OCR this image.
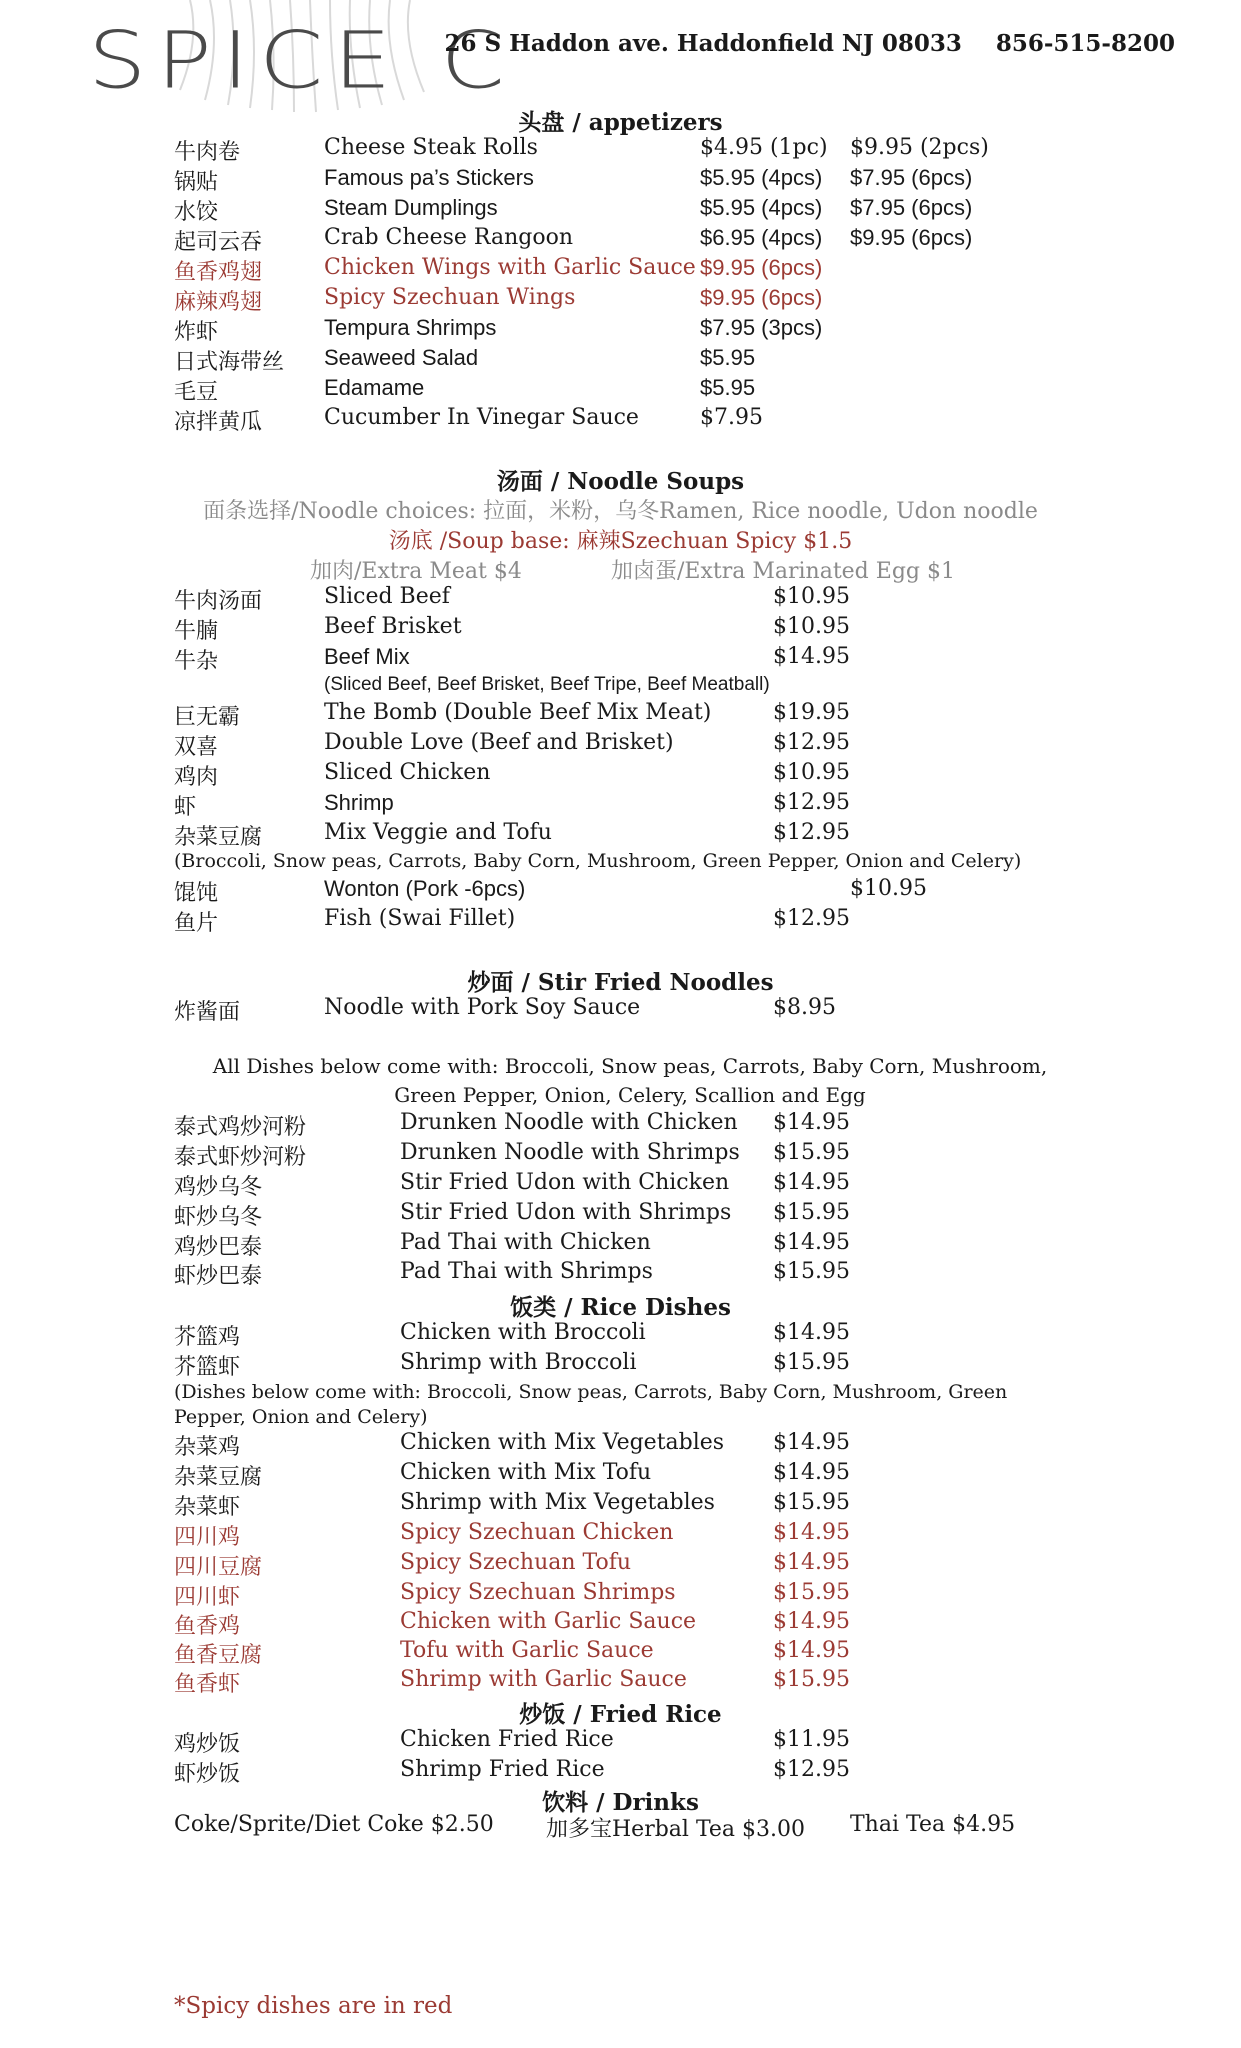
SPICE C
26 S Haddon ave. Haddonfield NJ 08033 856-515-8200
头盘 / appetizers
牛肉卷	Cheese Steak Rolls	$4.95 (1pc) $9.95 (2pcs)
锅贴	Famous pa’s Stickers	$5.95 (4pcs) $7.95 (6pcs)
水饺	Steam Dumplings	$5.95 (4pcs) $7.95 (6pcs)
起司云吞	Crab Cheese Rangoon	$6.95 (4pcs) $9.95 (6pcs)
鱼香鸡翅	Chicken Wings with Garlic Sauce $9.95 (6pcs)
麻辣鸡翅	Spicy Szechuan Wings	$9.95 (6pcs)
炸虾	Tempura Shrimps	$7.95 (3pcs)
日式海带丝 Seaweed Salad	$5.95
毛豆	Edamame	$5.95
凉拌黄瓜	Cucumber In Vinegar Sauce	$7.95
汤面 / Noodle Soups
面条选择/Noodle choices: 拉面，米粉，乌冬Ramen, Rice noodle, Udon noodle
汤底 /Soup base: 麻辣Szechuan Spicy $1.5
加肉/Extra Meat $4	加卤蛋/Extra Marinated Egg $1
牛肉汤面	Sliced Beef	$10.95
牛腩	Beef Brisket	$10.95
牛杂	Beef Mix	$14.95
(Sliced Beef, Beef Brisket, Beef Tripe, Beef Meatball)
巨无霸	The Bomb (Double Beef Mix Meat)	$19.95
双喜	Double Love (Beef and Brisket)	$12.95
鸡肉	Sliced Chicken	$10.95
虾	Shrimp	$12.95
杂菜豆腐	Mix Veggie and Tofu	$12.95
(Broccoli, Snow peas, Carrots, Baby Corn, Mushroom, Green Pepper, Onion and Celery)
馄饨	Wonton (Pork -6pcs)	$10.95
鱼片	Fish (Swai Fillet)	$12.95
炒面 / Stir Fried Noodles
炸酱面	Noodle with Pork Soy Sauce	$8.95
All Dishes below come with: Broccoli, Snow peas, Carrots, Baby Corn, Mushroom, Green Pepper, Onion, Celery, Scallion and Egg
泰式鸡炒河粉	Drunken Noodle with Chicken $14.95
泰式虾炒河粉	Drunken Noodle with Shrimps $15.95
鸡炒乌冬	Stir Fried Udon with Chicken $14.95
虾炒乌冬	Stir Fried Udon with Shrimps $15.95
鸡炒巴泰	Pad Thai with Chicken	$14.95
虾炒巴泰	Pad Thai with Shrimps	$15.95
饭类 / Rice Dishes
芥篮鸡	Chicken with Broccoli	$14.95
芥篮虾	Shrimp with Broccoli	$15.95
(Dishes below come with: Broccoli, Snow peas, Carrots, Baby Corn, Mushroom, Green Pepper, Onion and Celery)
杂菜鸡	Chicken with Mix Vegetables $14.95
杂菜豆腐	Chicken with Mix Tofu	$14.95
杂菜虾	Shrimp with Mix Vegetables	$15.95
四川鸡	Spicy Szechuan Chicken	$14.95
四川豆腐	Spicy Szechuan Tofu	$14.95
四川虾	Spicy Szechuan Shrimps	$15.95
鱼香鸡	Chicken with Garlic Sauce	$14.95
鱼香豆腐	Tofu with Garlic Sauce	$14.95
鱼香虾	Shrimp with Garlic Sauce	$15.95
炒饭 / Fried Rice
鸡炒饭	Chicken Fried Rice	$11.95
虾炒饭	Shrimp Fried Rice	$12.95
饮料 / Drinks
Coke/Sprite/Diet Coke $2.50 加多宝Herbal Tea $3.00 Thai Tea $4.95
*Spicy dishes are in red
